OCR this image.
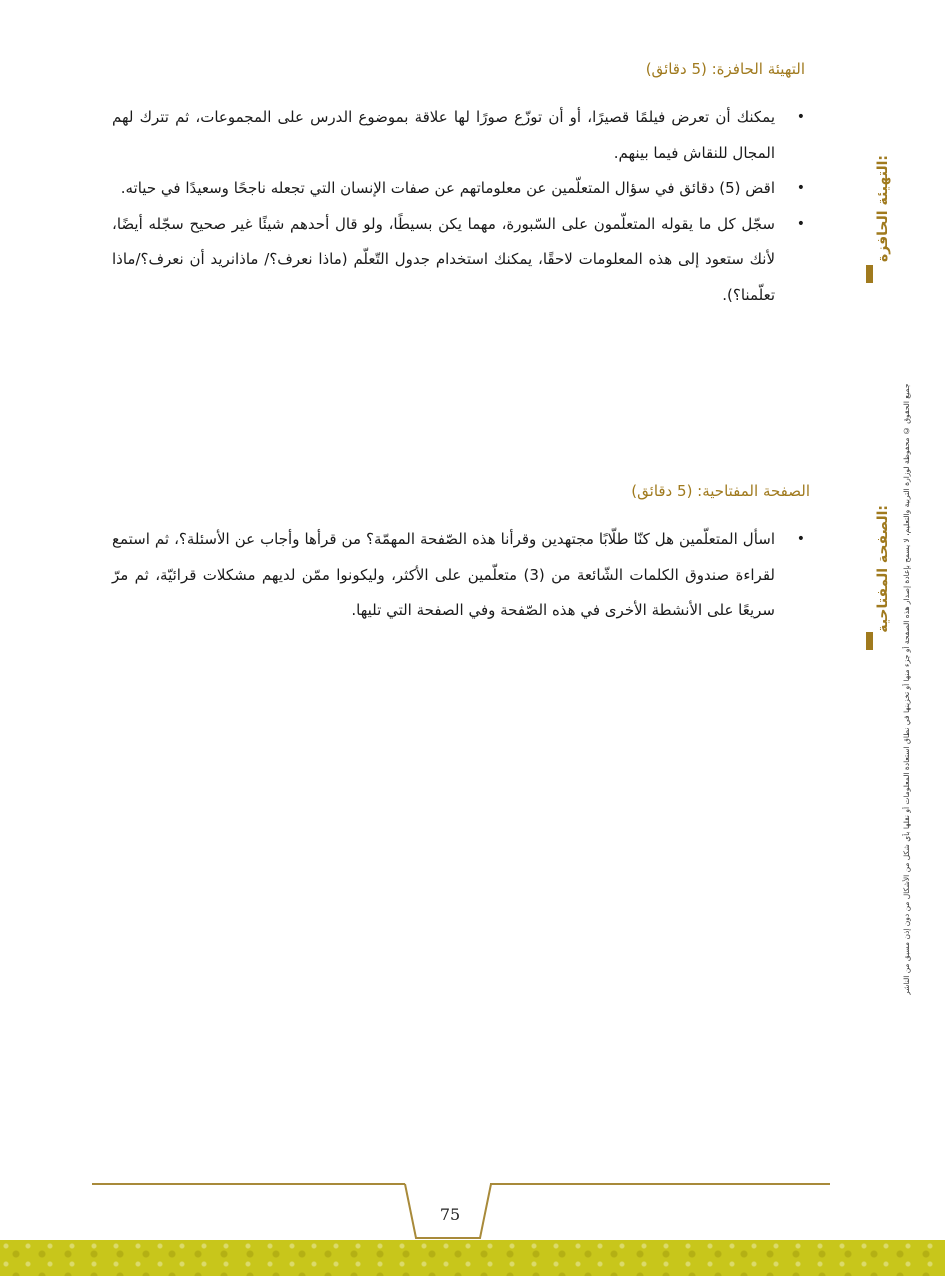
التهيئة الحافزة: (5 دقائق)
•
يمكنك أن تعرض فيلمًا قصيرًا، أو أن توزّع صورًا لها علاقة بموضوع الدرس على المجموعات، ثم تترك لهم المجال للنقاش فيما بينهم.
•
اقض (5) دقائق في سؤال المتعلّمين عن معلوماتهم عن صفات الإنسان التي تجعله ناجحًا وسعيدًا في حياته.
•
سجّل كل ما يقوله المتعلّمون على السّبورة، مهما يكن بسيطًا، ولو قال أحدهم شيئًا غير صحيح سجّله أيضًا، لأنك ستعود إلى هذه المعلومات لاحقًا، يمكنك استخدام جدول التّعلّم (ماذا نعرف؟/ ماذانريد أن نعرف؟/ماذا تعلّمنا؟).
الصفحة المفتاحية: (5 دقائق)
•
اسأل المتعلّمين هل كنّا طلّابًا مجتهدين وقرأنا هذه الصّفحة المهمّة؟ من قرأها وأجاب عن الأسئلة؟، ثم استمع لقراءة صندوق الكلمات الشّائعة من (3) متعلّمين على الأكثر، وليكونوا ممّن لديهم مشكلات قرائيّة، ثم مرّ سريعًا على الأنشطة الأخرى في هذه الصّفحة وفي الصفحة التي تليها.
التهيئة الحافزة:
الصفحة المفتاحية: جميع الحقوق © محفوظة لوزارة التربية والتعليم، لا يسمح بإعادة إصدار هذه الصفحة أو جزء منها أو تخزينها في نطاق استعادة المعلومات أو نقلها بأي شكل من الأشكال من دون إذن مسبق من الناشر
75
